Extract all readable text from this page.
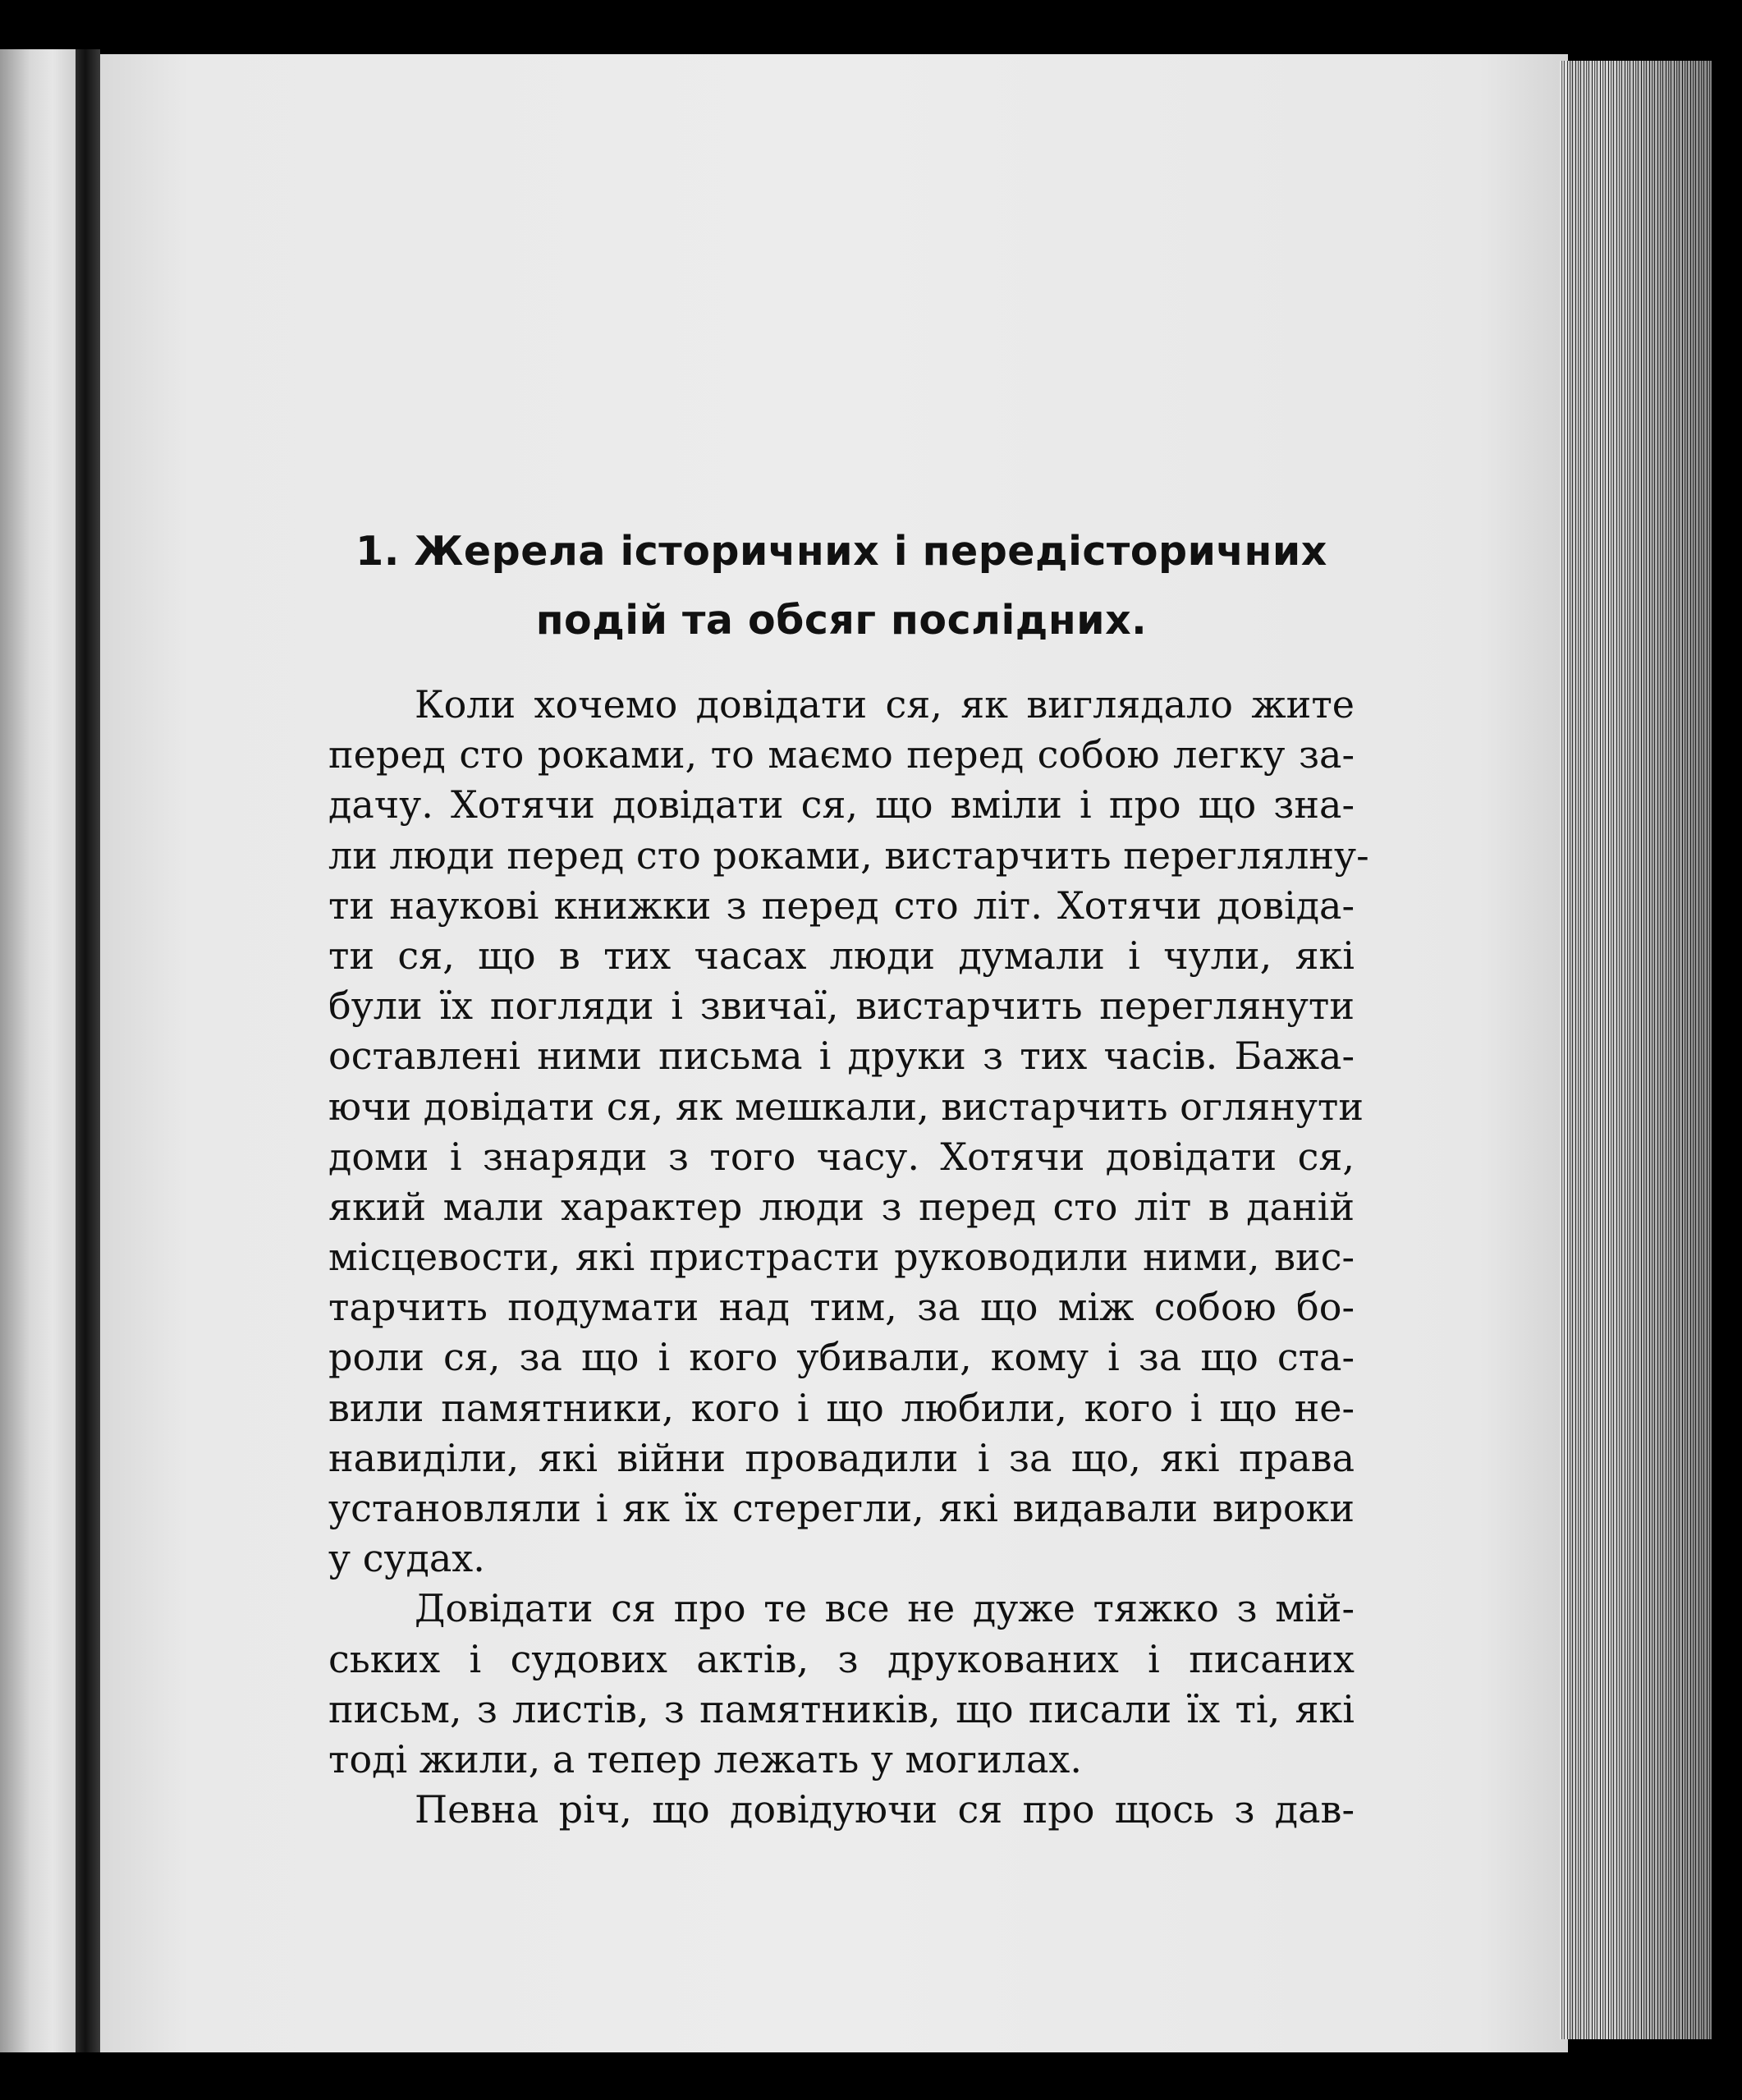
1. Жерела історичних і передісторичних
подій та обсяг послідних.
Коли хочемо довідати ся, як виглядало жите
перед сто роками, то маємо перед собою легку за-
дачу. Хотячи довідати ся, що вміли і про що зна-
ли люди перед сто роками, вистарчить переглялну-
ти наукові книжки з перед сто літ. Хотячи довіда-
ти ся, що в тих часах люди думали і чули, які
були їх погляди і звичаї, вистарчить переглянути
оставлені ними письма і друки з тих часів. Бажа-
ючи довідати ся, як мешкали, вистарчить оглянути
доми і знаряди з того часу. Хотячи довідати ся,
який мали характер люди з перед сто літ в даній
місцевости, які пристрасти руководили ними, вис-
тарчить подумати над тим, за що між собою бо-
роли ся, за що і кого убивали, кому і за що ста-
вили памятники, кого і що любили, кого і що не-
навиділи, які війни провадили і за що, які права
установляли і як їх стерегли, які видавали вироки
у судах.
Довідати ся про те все не дуже тяжко з мій-
ських і судових актів, з друкованих і писаних
письм, з листів, з памятників, що писали їх ті, які
тоді жили, а тепер лежать у могилах.
Певна річ, що довідуючи ся про щось з дав-
